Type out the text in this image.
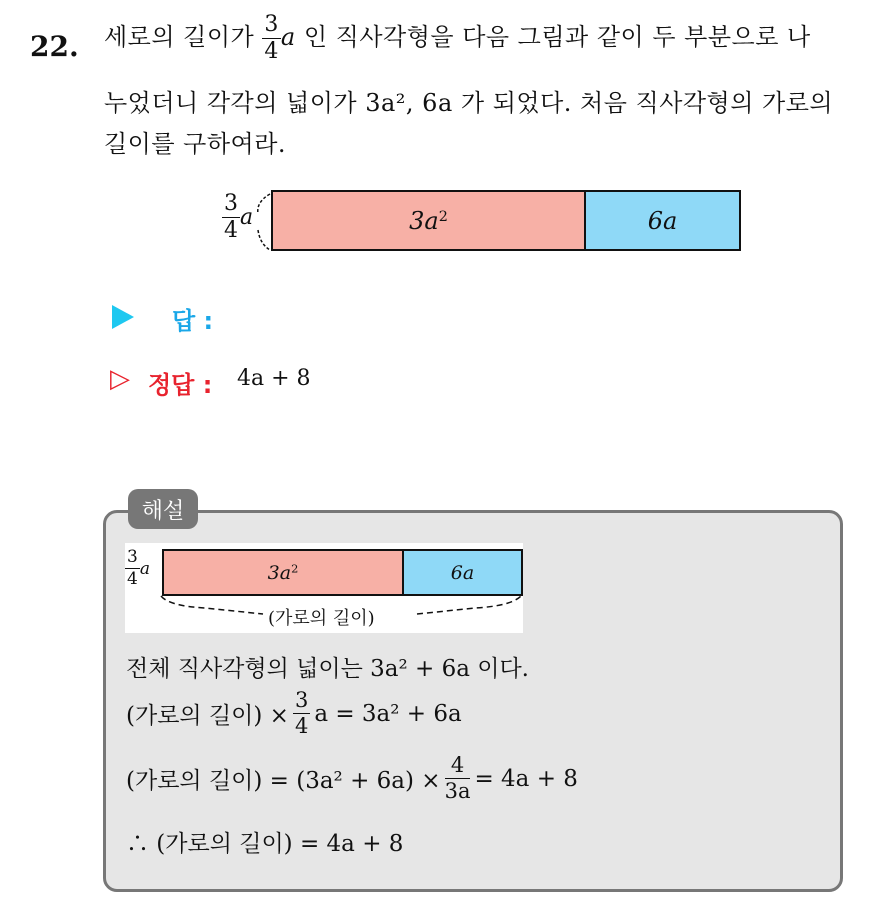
22. 세로의 길이가 $\frac{3}{4}$ a 인 직사각형을 다음 그림과 같이 두 부분으로 나
누었더니 각각의 넓이가 3a², 6a 가 되었다. 처음 직사각형의 가로의
길이를 구하여라.
$\frac{3}{4}$ a	$3a^2$	6a
답 :
▷ 정답 : 4a + 8
해설
$\frac{3}{4}$ a	$3a^2$	6a
(가로의 길이)
전체 직사각형의 넓이는 3a² + 6a 이다.
(가로의 길이) × $\frac{3}{4}$ a = 3a² + 6a
(가로의 길이) = $(3a^2 + 6a) \times \frac{4}{3a} = 4a + 8$
∴ (가로의 길이) = 4a + 8
